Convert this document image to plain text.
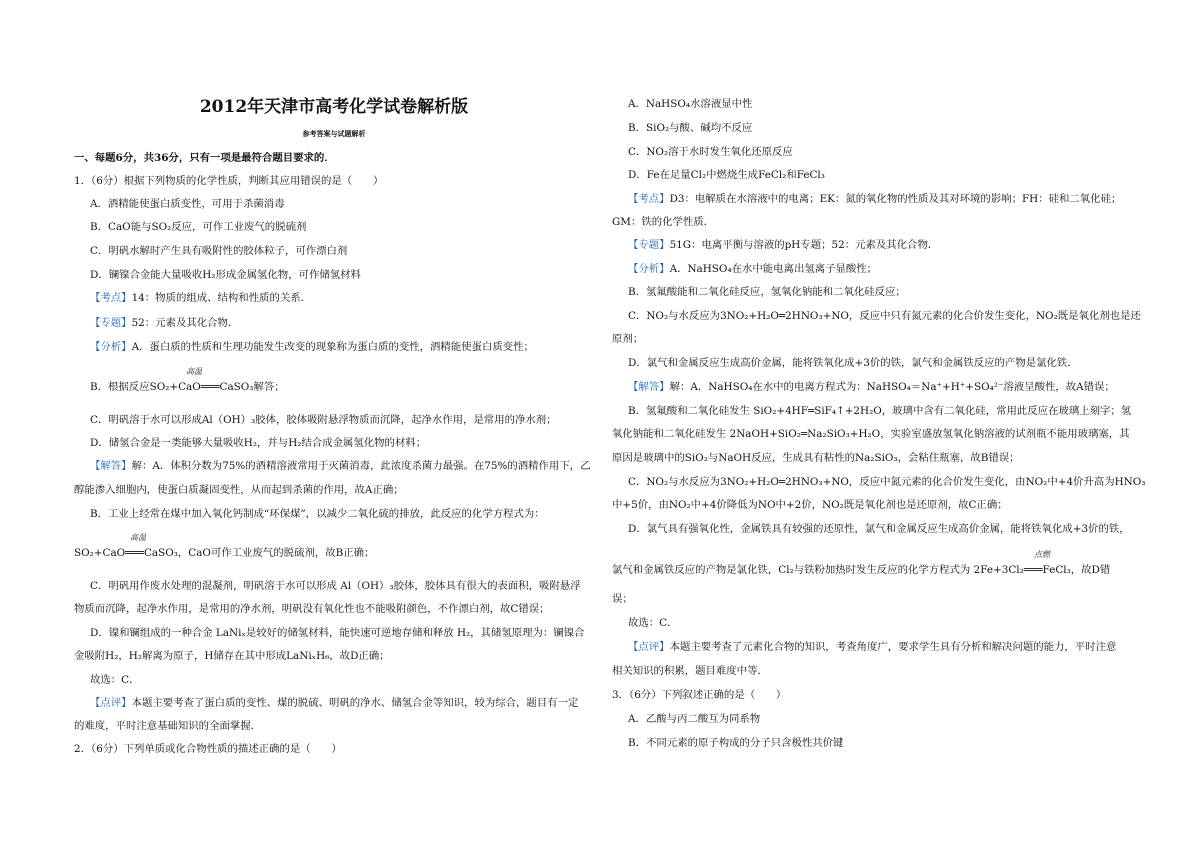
2012年天津市高考化学试卷解析版
参考答案与试题解析
一、每题6分，共36分，只有一项是最符合题目要求的．
1．（6分）根据下列物质的化学性质，判断其应用错误的是（　　）
A．酒精能使蛋白质变性，可用于杀菌消毒
B．CaO能与SO₂反应，可作工业废气的脱硫剂
C．明矾水解时产生具有吸附性的胶体粒子，可作漂白剂
D．镧镍合金能大量吸收H₂形成金属氢化物，可作储氢材料
【考点】14：物质的组成、结构和性质的关系．
【专题】52：元素及其化合物．
【分析】A．蛋白质的性质和生理功能发生改变的现象称为蛋白质的变性，酒精能使蛋白质变性；
高温
B．根据反应SO₂+CaO═══CaSO₃解答；
C．明矾溶于水可以形成Al（OH）₃胶体，胶体吸附悬浮物质而沉降，起净水作用，是常用的净水剂；
D．储氢合金是一类能够大量吸收H₂，并与H₂结合成金属氢化物的材料；
【解答】解：A．体积分数为75%的酒精溶液常用于灭菌消毒，此浓度杀菌力最强。在75%的酒精作用下，乙
醇能渗入细胞内，使蛋白质凝固变性，从而起到杀菌的作用，故A正确；
B．工业上经常在煤中加入氧化钙制成“环保煤”，以减少二氧化硫的排放，此反应的化学方程式为：
高温
SO₂+CaO═══CaSO₃，CaO可作工业废气的脱硫剂，故B正确；
C．明矾用作废水处理的混凝剂，明矾溶于水可以形成 Al（OH）₃胶体，胶体具有很大的表面积，吸附悬浮
物质而沉降，起净水作用，是常用的净水剂，明矾没有氧化性也不能吸附颜色，不作漂白剂，故C错误；
D．镍和镧组成的一种合金 LaNiₓ是较好的储氢材料，能快速可逆地存储和释放 H₂，其储氢原理为：镧镍合
金吸附H₂，H₂解离为原子，H储存在其中形成LaNiₓH₆，故D正确；
故选：C．
【点评】本题主要考查了蛋白质的变性、煤的脱硫、明矾的净水、储氢合金等知识，较为综合，题目有一定
的难度，平时注意基础知识的全面掌握．
2．（6分）下列单质或化合物性质的描述正确的是（　　）
A．NaHSO₄水溶液显中性
B．SiO₂与酸、碱均不反应
C．NO₂溶于水时发生氧化还原反应
D．Fe在足量Cl₂中燃烧生成FeCl₂和FeCl₃
【考点】D3：电解质在水溶液中的电离；EK：氮的氧化物的性质及其对环境的影响；FH：硅和二氧化硅；
GM：铁的化学性质．
【专题】51G：电离平衡与溶液的pH专题；52：元素及其化合物．
【分析】A．NaHSO₄在水中能电离出氢离子显酸性；
B．氢氟酸能和二氧化硅反应，氢氧化钠能和二氧化硅反应；
C．NO₂与水反应为3NO₂+H₂O═2HNO₃+NO，反应中只有氮元素的化合价发生变化，NO₂既是氧化剂也是还
原剂；
D．氯气和金属反应生成高价金属，能将铁氧化成+3价的铁，氯气和金属铁反应的产物是氯化铁．
【解答】解：A．NaHSO₄在水中的电离方程式为：NaHSO₄＝Na⁺+H⁺+SO₄²⁻溶液呈酸性，故A错误；
B．氢氟酸和二氧化硅发生 SiO₂+4HF═SiF₄↑+2H₂O，玻璃中含有二氧化硅，常用此反应在玻璃上刻字；氢
氧化钠能和二氧化硅发生 2NaOH+SiO₂═Na₂SiO₃+H₂O，实验室盛放氢氧化钠溶液的试剂瓶不能用玻璃塞，其
原因是玻璃中的SiO₂与NaOH反应，生成具有粘性的Na₂SiO₃，会粘住瓶塞，故B错误；
C．NO₂与水反应为3NO₂+H₂O═2HNO₃+NO，反应中氮元素的化合价发生变化，由NO₂中+4价升高为HNO₃
中+5价，由NO₂中+4价降低为NO中+2价，NO₂既是氧化剂也是还原剂，故C正确；
D．氯气具有强氧化性，金属铁具有较强的还原性，氯气和金属反应生成高价金属，能将铁氧化成+3价的铁，
点燃
氯气和金属铁反应的产物是氯化铁，Cl₂与铁粉加热时发生反应的化学方程式为 2Fe+3Cl₂═══FeCl₃，故D错
误；
故选：C．
【点评】本题主要考查了元素化合物的知识，考查角度广，要求学生具有分析和解决问题的能力，平时注意
相关知识的积累，题目难度中等．
3．（6分）下列叙述正确的是（　　）
A．乙酸与丙二酸互为同系物
B．不同元素的原子构成的分子只含极性共价键
